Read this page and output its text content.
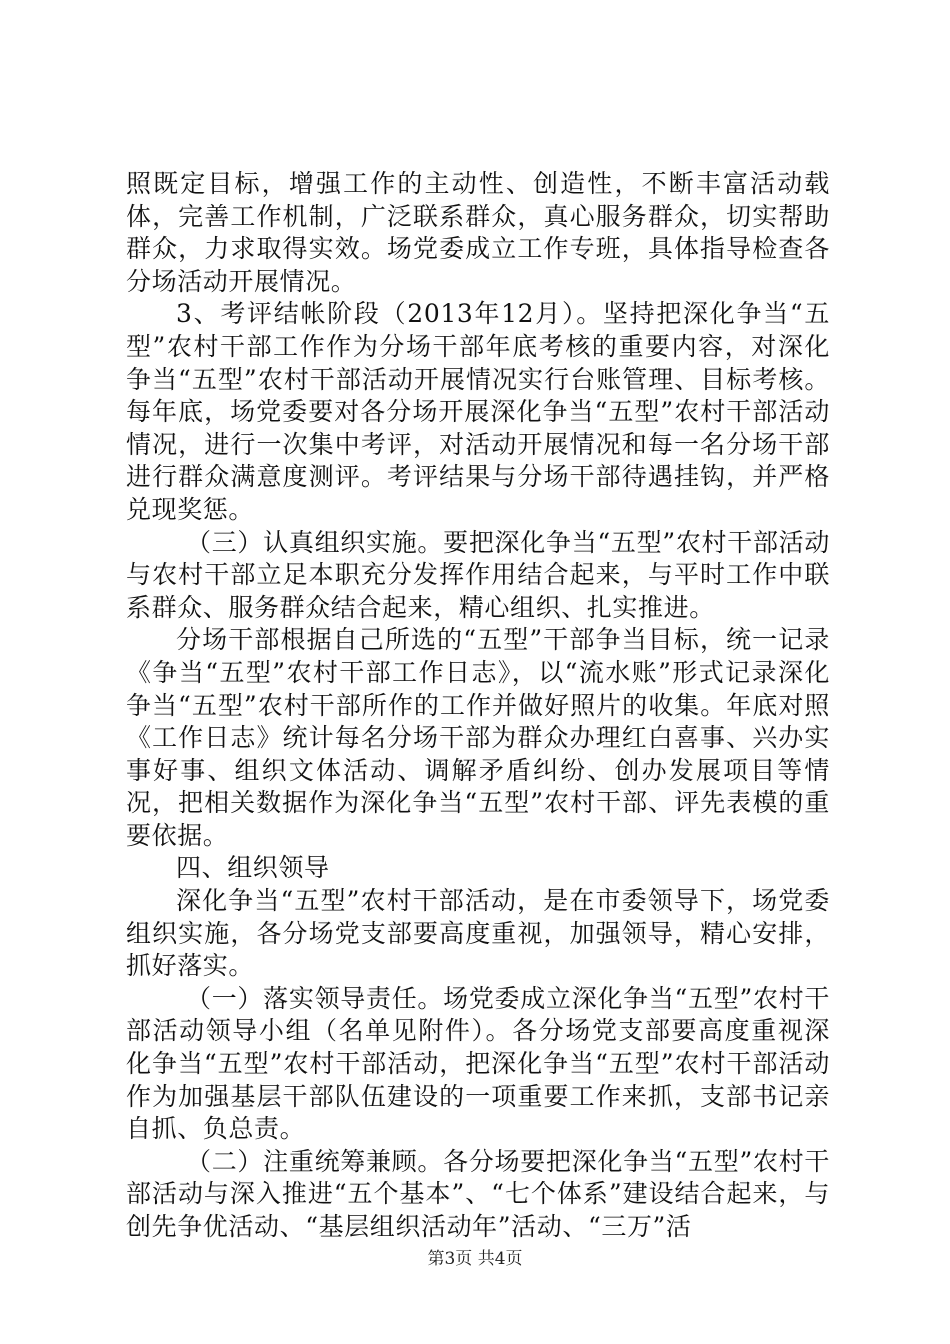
照既定目标，增强工作的主动性、创造性，不断丰富活动载体，完善工作机制，广泛联系群众，真心服务群众，切实帮助群众，力求取得实效。场党委成立工作专班，具体指导检查各分场活动开展情况。

3、考评结帐阶段（2013年12月）。坚持把深化争当“五型”农村干部工作作为分场干部年底考核的重要内容，对深化争当“五型”农村干部活动开展情况实行台账管理、目标考核。每年底，场党委要对各分场开展深化争当“五型”农村干部活动情况，进行一次集中考评，对活动开展情况和每一名分场干部进行群众满意度测评。考评结果与分场干部待遇挂钩，并严格兑现奖惩。

（三）认真组织实施。要把深化争当“五型”农村干部活动与农村干部立足本职充分发挥作用结合起来，与平时工作中联系群众、服务群众结合起来，精心组织、扎实推进。

分场干部根据自己所选的“五型”干部争当目标，统一记录《争当“五型”农村干部工作日志》，以“流水账”形式记录深化争当“五型”农村干部所作的工作并做好照片的收集。年底对照《工作日志》统计每名分场干部为群众办理红白喜事、兴办实事好事、组织文体活动、调解矛盾纠纷、创办发展项目等情况，把相关数据作为深化争当“五型”农村干部、评先表模的重要依据。

四、组织领导

深化争当“五型”农村干部活动，是在市委领导下，场党委组织实施，各分场党支部要高度重视，加强领导，精心安排，抓好落实。

（一）落实领导责任。场党委成立深化争当“五型”农村干部活动领导小组（名单见附件）。各分场党支部要高度重视深化争当“五型”农村干部活动，把深化争当“五型”农村干部活动作为加强基层干部队伍建设的一项重要工作来抓，支部书记亲自抓、负总责。

（二）注重统筹兼顾。各分场要把深化争当“五型”农村干部活动与深入推进“五个基本”、“七个体系”建设结合起来，与创先争优活动、“基层组织活动年”活动、“三万”活

第3页 共4页
